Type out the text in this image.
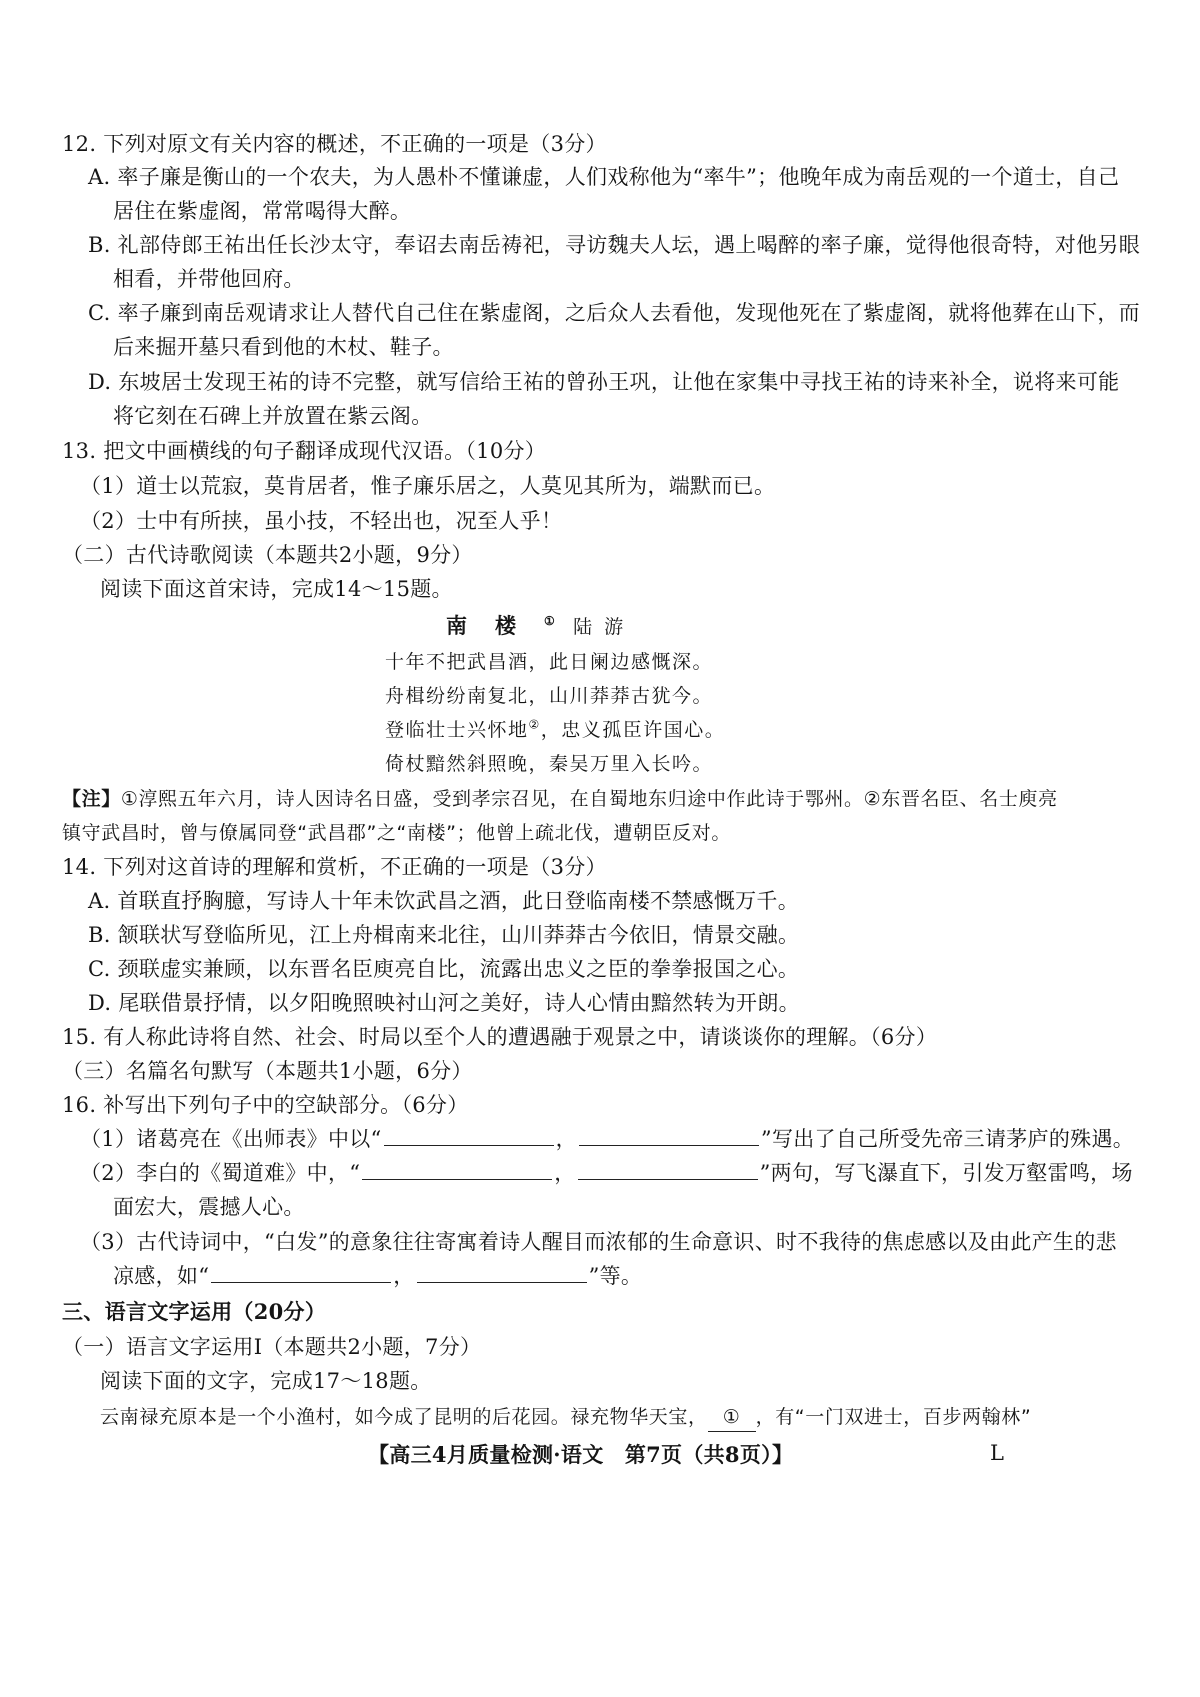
12. 下列对原文有关内容的概述，不正确的一项是（3分）
A. 率子廉是衡山的一个农夫，为人愚朴不懂谦虚，人们戏称他为“率牛”；他晚年成为南岳观的一个道士，自己
居住在紫虚阁，常常喝得大醉。
B. 礼部侍郎王祐出任长沙太守，奉诏去南岳祷祀，寻访魏夫人坛，遇上喝醉的率子廉，觉得他很奇特，对他另眼
相看，并带他回府。
C. 率子廉到南岳观请求让人替代自己住在紫虚阁，之后众人去看他，发现他死在了紫虚阁，就将他葬在山下，而
后来掘开墓只看到他的木杖、鞋子。
D. 东坡居士发现王祐的诗不完整，就写信给王祐的曾孙王巩，让他在家集中寻找王祐的诗来补全，说将来可能
将它刻在石碑上并放置在紫云阁。
13. 把文中画横线的句子翻译成现代汉语。（10分）
（1）道士以荒寂，莫肯居者，惟子廉乐居之，人莫见其所为，端默而已。
（2）士中有所挟，虽小技，不轻出也，况至人乎！
（二）古代诗歌阅读（本题共2小题，9分）
阅读下面这首宋诗，完成14～15题。
南楼① 陆游
十年不把武昌酒，此日阑边感慨深。
舟楫纷纷南复北，山川莽莽古犹今。
登临壮士兴怀地②，忠义孤臣许国心。
倚杖黯然斜照晚，秦吴万里入长吟。
【注】①淳熙五年六月，诗人因诗名日盛，受到孝宗召见，在自蜀地东归途中作此诗于鄂州。②东晋名臣、名士庾亮
镇守武昌时，曾与僚属同登“武昌郡”之“南楼”；他曾上疏北伐，遭朝臣反对。
14. 下列对这首诗的理解和赏析，不正确的一项是（3分）
A. 首联直抒胸臆，写诗人十年未饮武昌之酒，此日登临南楼不禁感慨万千。
B. 颔联状写登临所见，江上舟楫南来北往，山川莽莽古今依旧，情景交融。
C. 颈联虚实兼顾，以东晋名臣庾亮自比，流露出忠义之臣的拳拳报国之心。
D. 尾联借景抒情，以夕阳晚照映衬山河之美好，诗人心情由黯然转为开朗。
15. 有人称此诗将自然、社会、时局以至个人的遭遇融于观景之中，请谈谈你的理解。（6分）
（三）名篇名句默写（本题共1小题，6分）
16. 补写出下列句子中的空缺部分。（6分）
（1）诸葛亮在《出师表》中以“	，	”写出了自己所受先帝三请茅庐的殊遇。
（2）李白的《蜀道难》中，“	，	”两句，写飞瀑直下，引发万壑雷鸣，场
面宏大，震撼人心。
（3）古代诗词中，“白发”的意象往往寄寓着诗人醒目而浓郁的生命意识、时不我待的焦虑感以及由此产生的悲
凉感，如“	，	”等。
三、语言文字运用（20分）
（一）语言文字运用Ⅰ（本题共2小题，7分）
阅读下面的文字，完成17～18题。
云南禄充原本是一个小渔村，如今成了昆明的后花园。禄充物华天宝， ① ，有“一门双进士，百步两翰林”
【高三4月质量检测·语文　第7页（共8页）】	L
